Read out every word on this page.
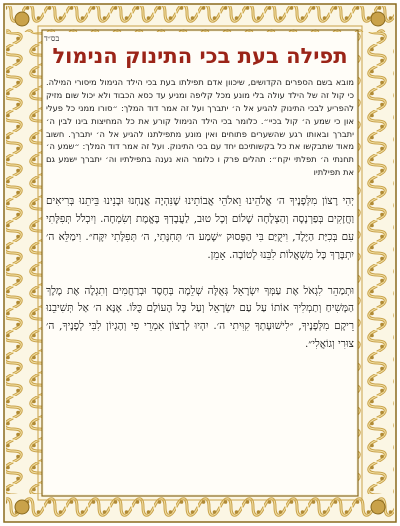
בס״ד
תפילה בעת בכי התינוק הנימול

מובא בשם הספרים הקדושים, שיכוון אדם תפילתו בעת בכי הילד הנימול מיסורי המילה. כי קול זה של הילד עולה בלי מונע מכל קליפה ומניע עד כסא הכבוד ולא יכול שום מזיק להפריע לבכי התינוק להגיע אל ה׳ יתברך ועל זה אמר דוד המלך: ״סורו ממני כל פעלי און כי שמע ה׳ קול בכיי״. כלומר בכי הילד הנימול קורע את כל המחיצות בינו לבין ה׳ יתברך ובאותו רגע שהשערים פתוחים ואין מונע מתפילתנו להגיע אל ה׳ יתברך. חשוב מאוד שתבקשו את כל בקשותיכם יחד עם בכי התינוק. ועל זה אמר דוד המלך: ״שמע ה׳ תחנתי ה׳ תפלתי יקח״: תהלים פרק ו כלומר הוא נענה בתפילתיו וה׳ יתברך ישמע גם את תפילתיו

יְהִי רָצוֹן מִלְּפָנֶיךָ ה׳ אֱלֹהֵינוּ וֵאלֹהֵי אֲבוֹתֵינוּ שֶׁנִּהְיֶה אֲנַחְנוּ וּבָנֵינוּ בֵּיתֵנוּ בְּרִיאִים וַחֲזָקִים בְּפַרְנָסָה וְהַצְלָחָה שָׁלוֹם וְכָל טוּב, לַעֲבָדְךָ בֶּאֱמֶת וְשִׂמְחָה. וְיִכְלֹל תְּפִלָּתִי עִם בְּכִיַּת הַיֶּלֶד, וִיקֻיַּם בִּי הַפָּסוּק ״שָׁמַע ה׳ תְּחִנָּתִי, ה׳ תְּפִלָּתִי יִקָּח״. וִימַלֵּא ה׳ יִתְבָּרַךְ כָּל מִשְׁאֲלוֹת לִבֵּנוּ לְטוֹבָה. אָמֵן.

וּתְמַהֵר לִגְאֹל אֶת עַמְּךָ יִשְׂרָאֵל גְּאֻלָּה שְׁלֵמָה בְּחֶסֶד וּבְרַחֲמִים וְתִגְלֶה אֶת מֶלֶךְ הַמָּשִׁיחַ וְתַמְלִיךְ אוֹתוֹ עַל עַם יִשְׂרָאֵל וְעַל כָּל הָעוֹלָם כֻּלּוֹ. אָנָּא ה׳ אַל תְּשִׁיבֵנוּ רֵיקָם מִלְּפָנֶיךָ, ״לִישׁוּעָתְךָ קִוִּיתִי ה׳. יִהְיוּ לְרָצוֹן אִמְרֵי פִי וְהֶגְיוֹן לִבִּי לְפָנֶיךָ, ה׳ צוּרִי וְגוֹאֲלִי״.
